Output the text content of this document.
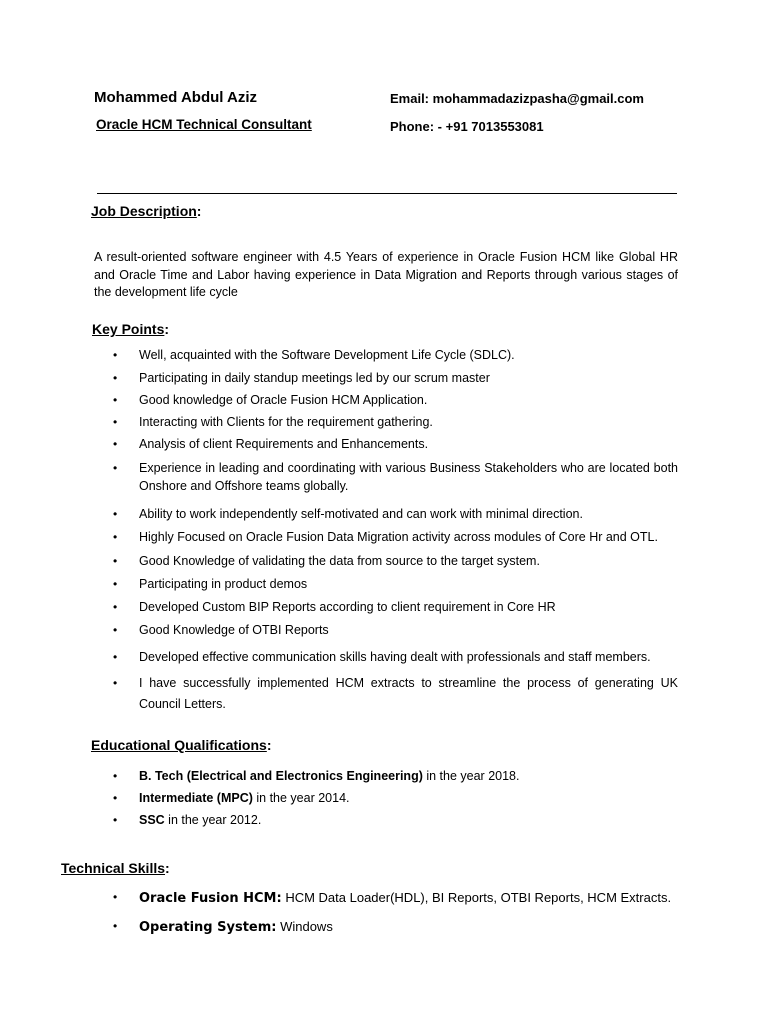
Mohammed Abdul Aziz
Oracle HCM Technical Consultant
Email: mohammadazizpasha@gmail.com
Phone: - +91 7013553081
Job Description:
A result-oriented software engineer with 4.5 Years of experience in Oracle Fusion HCM like Global HR and Oracle Time and Labor having experience in Data Migration and Reports through various stages of the development life cycle
Key Points:
•	Well, acquainted with the Software Development Life Cycle (SDLC).
•	Participating in daily standup meetings led by our scrum master
•	Good knowledge of Oracle Fusion HCM Application.
•	Interacting with Clients for the requirement gathering.
•	Analysis of client Requirements and Enhancements.
•	Experience in leading and coordinating with various Business Stakeholders who are located both Onshore and Offshore teams globally.
•	Ability to work independently self-motivated and can work with minimal direction.
•	Highly Focused on Oracle Fusion Data Migration activity across modules of Core Hr and OTL.
•	Good Knowledge of validating the data from source to the target system.
•	Participating in product demos
•	Developed Custom BIP Reports according to client requirement in Core HR
•	Good Knowledge of OTBI Reports
•	Developed effective communication skills having dealt with professionals and staff members.
•	I have successfully implemented HCM extracts to streamline the process of generating UK Council Letters.
Educational Qualifications:
•	B. Tech (Electrical and Electronics Engineering) in the year 2018.
•	Intermediate (MPC) in the year 2014.
•	SSC in the year 2012.
Technical Skills:
•	Oracle Fusion HCM: HCM Data Loader(HDL), BI Reports, OTBI Reports, HCM Extracts.
•	Operating System: Windows
